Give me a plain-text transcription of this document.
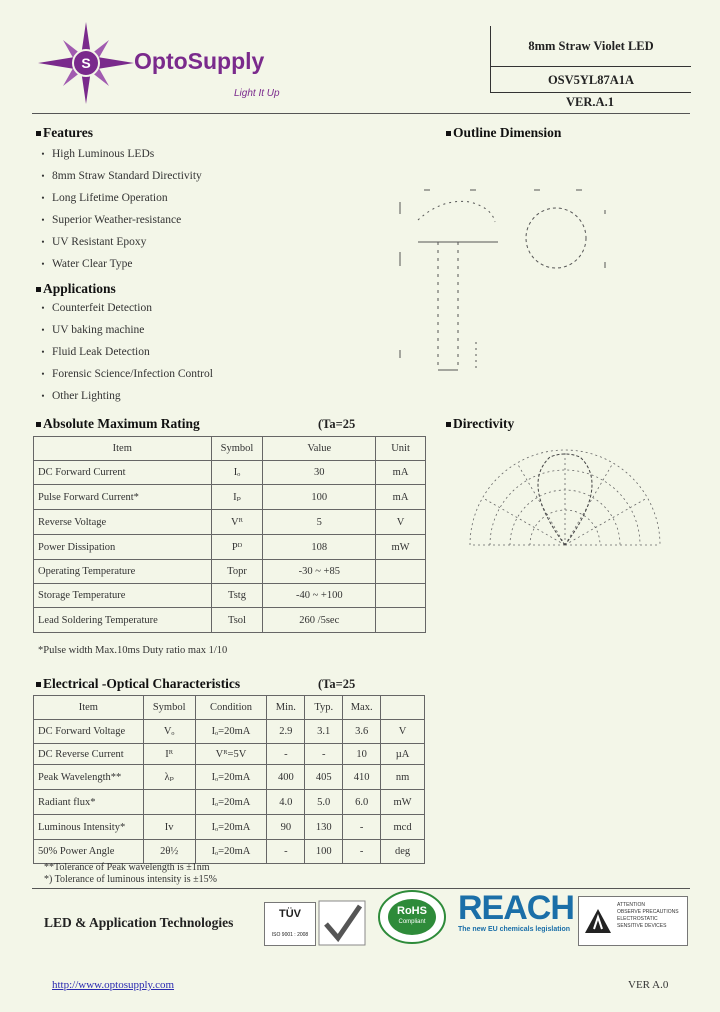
S OptoSupply
Light It Up
8mm Straw Violet LED
OSV5YL87A1A
VER.A.1
Features
• High Luminous LEDs
• 8mm Straw Standard Directivity
• Long Lifetime Operation
• Superior Weather-resistance
• UV Resistant Epoxy
• Water Clear Type
Applications
• Counterfeit Detection
• UV baking machine
• Fluid Leak Detection
• Forensic Science/Infection Control
• Other Lighting
Outline Dimension
Directivity
Absolute Maximum Rating	(Ta=25
Item	Symbol	Value	Unit
DC Forward Current	Iₒ	30	mA
Pulse Forward Current*	Iₚ	100	mA
Reverse Voltage	Vᴿ	5	V
Power Dissipation	Pᴰ	108	mW
Operating Temperature	Topr	-30 ~ +85	
Storage Temperature	Tstg	-40 ~ +100	
Lead Soldering Temperature	Tsol	260 /5sec	
*Pulse width Max.10ms Duty ratio max 1/10
Electrical -Optical Characteristics	(Ta=25
Item	Symbol	Condition	Min.	Typ.	Max.	
DC Forward Voltage	Vₒ	Iₒ=20mA	2.9	3.1	3.6	V
DC Reverse Current	Iᴿ	Vᴿ=5V	-	-	10	µA
Peak Wavelength**	λₚ	Iₒ=20mA	400	405	410	nm
Radiant flux*		Iₒ=20mA	4.0	5.0	6.0	mW
Luminous Intensity*	Iv	Iₒ=20mA	90	130	-	mcd
50% Power Angle	2θ½	Iₒ=20mA	-	100	-	deg
**Tolerance of Peak wavelength is ±1nm
*) Tolerance of luminous intensity is ±15%
LED & Application Technologies
TÜV
ISO 9001 : 2008
RoHS
Compliant REACH
The new EU chemicals legislation
ATTENTION
OBSERVE PRECAUTIONS
ELECTROSTATIC
SENSITIVE DEVICES
http://www.optosupply.com	VER A.0
